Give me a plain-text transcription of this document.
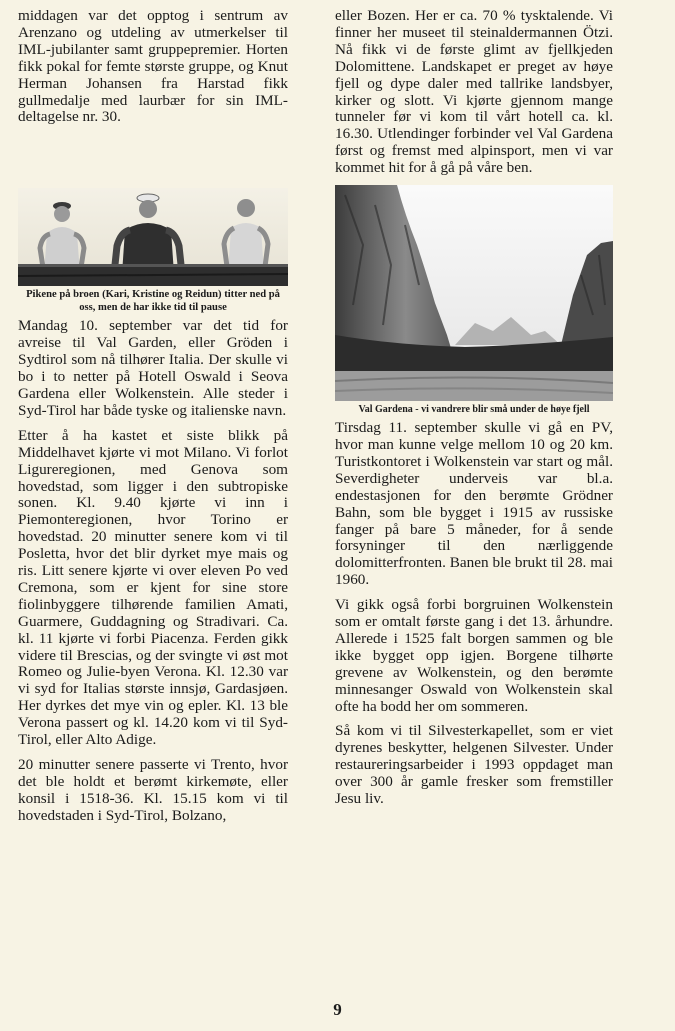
middagen var det opptog i sentrum av Arenzano og utdeling av utmerkelser til IML-jubilanter samt gruppepremier. Horten fikk pokal for femte største gruppe, og Knut Herman Johansen fra Harstad fikk gullmedalje med laurbær for sin IML-deltagelse nr. 30.

Pikene på broen (Kari, Kristine og Reidun) titter ned på oss, men de har ikke tid til pause

Mandag 10. september var det tid for avreise til Val Garden, eller Gröden i Sydtirol som nå tilhører Italia. Der skulle vi bo i to netter på Hotell Oswald i Seova Gardena eller Wolkenstein. Alle steder i Syd-Tirol har både tyske og italienske navn.

Etter å ha kastet et siste blikk på Middelhavet kjørte vi mot Milano. Vi forlot Ligureregionen, med Genova som hovedstad, som ligger i den subtropiske sonen. Kl. 9.40 kjørte vi inn i Piemonteregionen, hvor Torino er hovedstad. 20 minutter senere kom vi til Posletta, hvor det blir dyrket mye mais og ris. Litt senere kjørte vi over eleven Po ved Cremona, som er kjent for sine store fiolinbyggere tilhørende familien Amati, Guarmere, Guddagning og Stradivari. Ca. kl. 11 kjørte vi forbi Piacenza. Ferden gikk videre til Brescias, og der svingte vi øst mot Romeo og Julie-byen Verona. Kl. 12.30 var vi syd for Italias største innsjø, Gardasjøen. Her dyrkes det mye vin og epler. Kl. 13 ble Verona passert og kl. 14.20 kom vi til Syd-Tirol, eller Alto Adige.

20 minutter senere passerte vi Trento, hvor det ble holdt et berømt kirkemøte, eller konsil i 1518-36. Kl. 15.15 kom vi til hovedstaden i Syd-Tirol, Bolzano,

eller Bozen. Her er ca. 70 % tysktalende. Vi finner her museet til steinaldermannen Ötzi. Nå fikk vi de første glimt av fjellkjeden Dolomittene. Landskapet er preget av høye fjell og dype daler med tallrike landsbyer, kirker og slott. Vi kjørte gjennom mange tunneler før vi kom til vårt hotell ca. kl. 16.30. Utlendinger forbinder vel Val Gardena først og fremst med alpinsport, men vi var kommet hit for å gå på våre ben.

Val Gardena - vi vandrere blir små under de høye fjell

Tirsdag 11. september skulle vi gå en PV, hvor man kunne velge mellom 10 og 20 km. Turistkontoret i Wolkenstein var start og mål. Severdigheter underveis var bl.a. endestasjonen for den berømte Grödner Bahn, som ble bygget i 1915 av russiske fanger på bare 5 måneder, for å sende forsyninger til den nærliggende dolomitterfronten. Banen ble brukt til 28. mai 1960.

Vi gikk også forbi borgruinen Wolkenstein som er omtalt første gang i det 13. århundre. Allerede i 1525 falt borgen sammen og ble ikke bygget opp igjen. Borgene tilhørte grevene av Wolkenstein, og den berømte minnesanger Oswald von Wolkenstein skal ofte ha bodd her om sommeren.

Så kom vi til Silvesterkapellet, som er viet dyrenes beskytter, helgenen Silvester. Under restaureringsarbeider i 1993 oppdaget man over 300 år gamle fresker som fremstiller Jesu liv.

9
